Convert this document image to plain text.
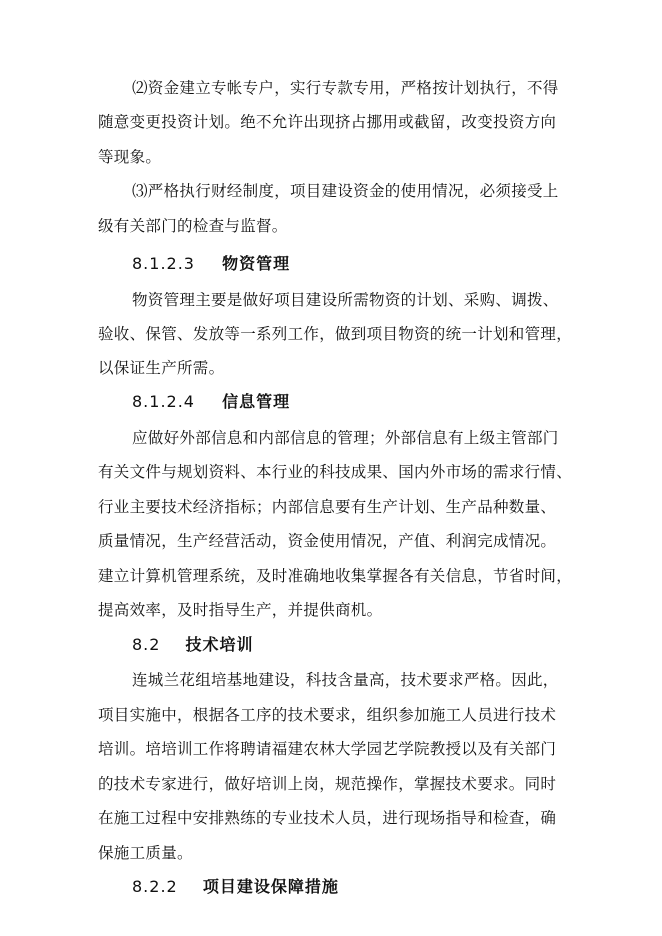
⑵资金建立专帐专户，实行专款专用，严格按计划执行，不得
随意变更投资计划。绝不允许出现挤占挪用或截留，改变投资方向
等现象。
⑶严格执行财经制度，项目建设资金的使用情况，必须接受上
级有关部门的检查与监督。
8.1.2.3 物资管理
物资管理主要是做好项目建设所需物资的计划、采购、调拨、
验收、保管、发放等一系列工作，做到项目物资的统一计划和管理，
以保证生产所需。
8.1.2.4 信息管理
应做好外部信息和内部信息的管理；外部信息有上级主管部门
有关文件与规划资料、本行业的科技成果、国内外市场的需求行情、
行业主要技术经济指标；内部信息要有生产计划、生产品种数量、
质量情况，生产经营活动，资金使用情况，产值、利润完成情况。
建立计算机管理系统，及时准确地收集掌握各有关信息，节省时间，
提高效率，及时指导生产，并提供商机。
8.2 技术培训
连城兰花组培基地建设，科技含量高，技术要求严格。因此，
项目实施中，根据各工序的技术要求，组织参加施工人员进行技术
培训。培培训工作将聘请福建农林大学园艺学院教授以及有关部门
的技术专家进行，做好培训上岗，规范操作，掌握技术要求。同时
在施工过程中安排熟练的专业技术人员，进行现场指导和检查，确
保施工质量。
8.2.2 项目建设保障措施
